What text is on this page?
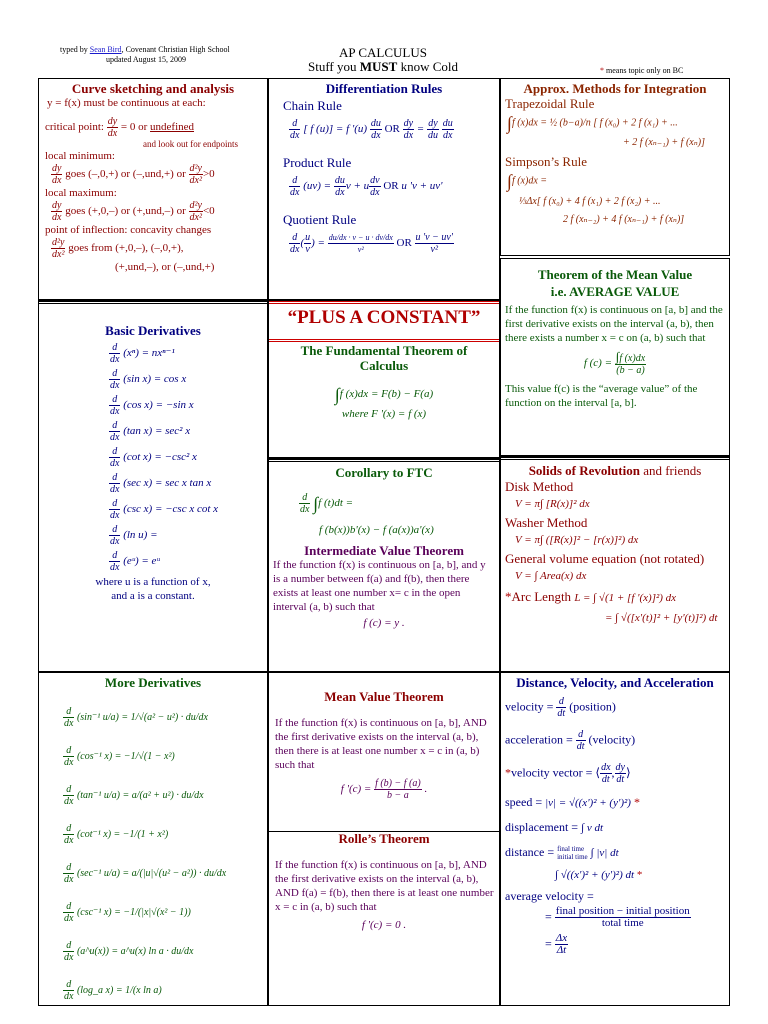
typed by Sean Bird, Covenant Christian High School
updated August 15, 2009	AP CALCULUS
Stuff you MUST know Cold	* means topic only on BC
Curve sketching and analysis
y = f(x) must be continuous at each:
critical point: $\frac{dy}{dx} = 0$ or undefined
and look out for endpoints
local minimum:
$\frac{dy}{dx}$ goes (–,0,+) or (–,und,+) or $\frac{\text{d²y}}{\text{dx²}} >0$
local maximum:
$\frac{dy}{dx}$ goes (+,0,–) or (+,und,–) or $\frac{\text{d²y}}{\text{dx²}} <0$
point of inflection: concavity changes
$\frac{\text{d²y}}{\text{dx²}}$ goes from (+,0,–), (–,0,+),
(+,und,–), or (–,und,+)
Differentiation Rules
Chain Rule
$\frac{d}{dx}$ [ f (u)] = f '$(u) \frac{du}{dx}$ OR $\frac{dy}{dx} = \frac{dy}{du}$
$\frac{du}{dx}$
Product Rule
$\frac{d}{dx} (uv) = \frac{du}{dx}$ v + u $\frac{dv}{dx}$ OR u 'v + uv'
Quotient Rule
$\frac{d}{dx}$ ( $\frac{u}{v}$ ) = $\frac{du/dx \cdot v - u \cdot dv/dx}{\text{v²}}$ OR $\frac{u 'v - uv'}{\text{v²}}$
Approx. Methods for Integration
Trapezoidal Rule
∫f (x)dx = ½ (b−a)/n [ f (x₀) + 2 f (x₁) + ...
+ 2 f (xₙ₋₁) + f (xₙ)]
Simpson’s Rule
∫f (x)dx =
⅓Δx[ f (x₀) + 4 f (x₁) + 2 f (x₂) + ...
2 f (xₙ₋₂) + 4 f (xₙ₋₁) + f (xₙ)]
Theorem of the Mean Value
i.e. AVERAGE VALUE
If the function f(x) is continuous on [a, b] and the first derivative exists on the interval (a, b), then there exists a number x = c on (a, b) such that
f $(c) = \frac{\int f (x)dx}{(b - a)}$
This value f(c) is the “average value” of the function on the interval [a, b].
Basic Derivatives
$\frac{d}{dx} (x^n) = nx^{n-1}$
$\frac{d}{dx} (\sin$ x) = cos x
$\frac{d}{dx} (\cos$ x) = −sin x
$\frac{d}{dx} (\tan$ x) = sec² x
$\frac{d}{dx} (\cot$ x) = −csc² x
$\frac{d}{dx} (\sec$ x) = sec x tan x
$\frac{d}{dx} (\csc$ x) = −csc x cot x
$\frac{d}{dx} (\ln$ u) =
$\frac{d}{dx}$ (eᵘ) = eᵘ
where u is a function of x,
and a is a constant.
“PLUS A CONSTANT”
The Fundamental Theorem of Calculus
∫f (x)dx = F(b) − F(a)
where F '(x) = f (x)
Corollary to FTC
$\frac{d}{dx} \int f$ (t)dt =
f (b(x))b'(x) − f (a(x))a'(x)
Intermediate Value Theorem
If the function f(x) is continuous on [a, b], and y is a number between f(a) and f(b), then there exists at least one number x= c in the open interval (a, b) such that
f (c) = y .
Solids of Revolution and friends
Disk Method
V = π∫ [R(x)]² dx
Washer Method
V = π∫ ([R(x)]² − [r(x)]²) dx
General volume equation (not rotated)
V = ∫ Area(x) dx
*Arc Length L = ∫ √(1 + [f '(x)]²) dx
= ∫ √([x'(t)]² + [y'(t)]²) dt
More Derivatives
$\frac{d}{dx} (\sin^{-1}$ u/a) = 1/√(a² − u²) · du/dx
$\frac{d}{dx} (\cos^{-1}$ x) = −1/√(1 − x²)
$\frac{d}{dx} (\tan^{-1}$ u/a) = a/(a² + u²) · du/dx
$\frac{d}{dx} (\cot^{-1}$ x) = −1/(1 + x²)
$\frac{d}{dx} (\sec^{-1}$ u/a) = a/(|u|√(u² − a²)) · du/dx
$\frac{d}{dx} (\csc^{-1}$ x) = −1/(|x|√(x² − 1))
$\frac{d}{dx}$ (a^u(x)) = a^u(x) ln a · du/dx
$\frac{d}{dx}$ (log_a x) = 1/(x ln a)
Mean Value Theorem
If the function f(x) is continuous on [a, b], AND the first derivative exists on the interval (a, b), then there is at least one number x = c in (a, b) such that
f '$(c) = \frac{f (b) - f (a)}{b - a}$ .
Rolle’s Theorem
If the function f(x) is continuous on [a, b], AND the first derivative exists on the interval (a, b), AND f(a) = f(b), then there is at least one number x = c in (a, b) such that
f '(c) = 0 .
Distance, Velocity, and Acceleration
velocity = $\frac{d}{dt}$ (position)
acceleration = $\frac{d}{dt}$ (velocity)
*velocity vector = ⟨ $\frac{dx}{dt}$ , $\frac{dy}{dt}$ ⟩
speed = |v| = √((x')² + (y')²) *
displacement = ∫ v dt
distance = final time
initial time ∫ |v| dt
∫ √((x')² + (y')²) dt *
average velocity =
= $\frac{\text{final position − initial position}}{\text{total time}}$
= $\frac{\Delta x}{\Delta t}$
